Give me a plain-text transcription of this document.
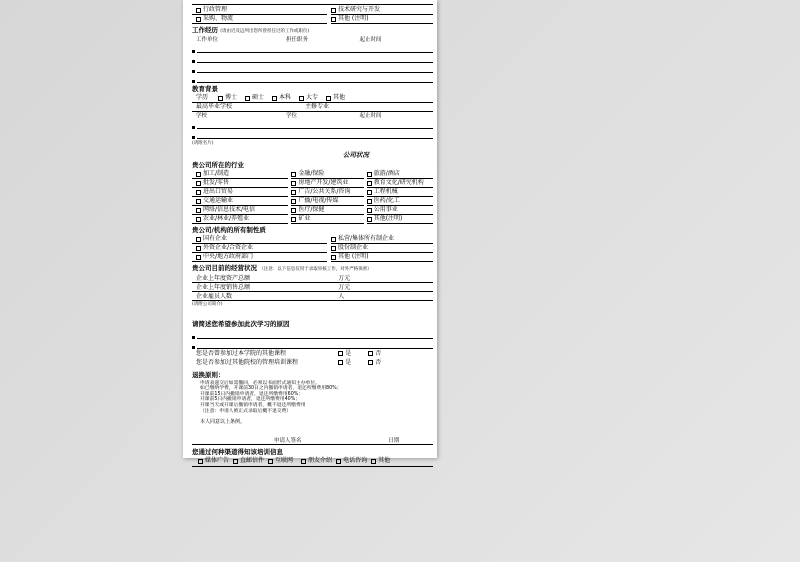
行政管理	技术研究与开发
采购、物流	其他 (注明)
工作经历 (请由近及远列出您所曾担任过的工作或职位)
工作单位	担任职务	起止时间
教育背景
学历	博士 硕士 本科 大专 其他
最高毕业学校	主修专业
学校	学位	起止时间
(请附名片)
公司状况
贵公司所在的行业
加工/制造	金融/保险	旅游/酒店
批发/零售	房地产开发/建筑业	教育文化/研究机构
进出口贸易	广告/公共关系/咨询	工程机械
交通运输业	广播/电视/传媒	医药/化工
网络/信息技术/电信	医疗/保健	公用事业
农业/林业/养殖业	矿业	其他(注明)
贵公司/机构的所有制性质
国有企业	私营/集体所有制企业
外资企业/合资企业	股份制企业
中央/地方政府部门	其他 (注明)
贵公司目前的经营状况 （注意：以下信息仅用于录取审核工作，对外严格保密）
企业上年度资产总额	万元
企业上年度销售总额	万元
企业雇员人数	人
(请附公司简介)
请简述您希望参加此次学习的原因
您是否曾参加过本学院的其他课程	是	否
您是否参加过其他院校的管理培训课程	是	否
退换原则：
申请表递交后如需撤回，必须以书面形式通知主办单位。
如已缴纳学费，开课前30日之内撤销申请者，退还所缴费用80%；
开课前15日内撤销申请者，退还所缴费用60%；
开课前5日内撤销申请者，退还所缴费用40%；
开课当天或开课后撤销申请者，概不退还所缴费用
（注意：申请人被正式录取后概不退交费）
本人同意以上条例。
申请人签名	日期
您通过何种渠道得知该培训信息
媒体广告 直邮信件 互联网	朋友介绍 电话咨询 其他
